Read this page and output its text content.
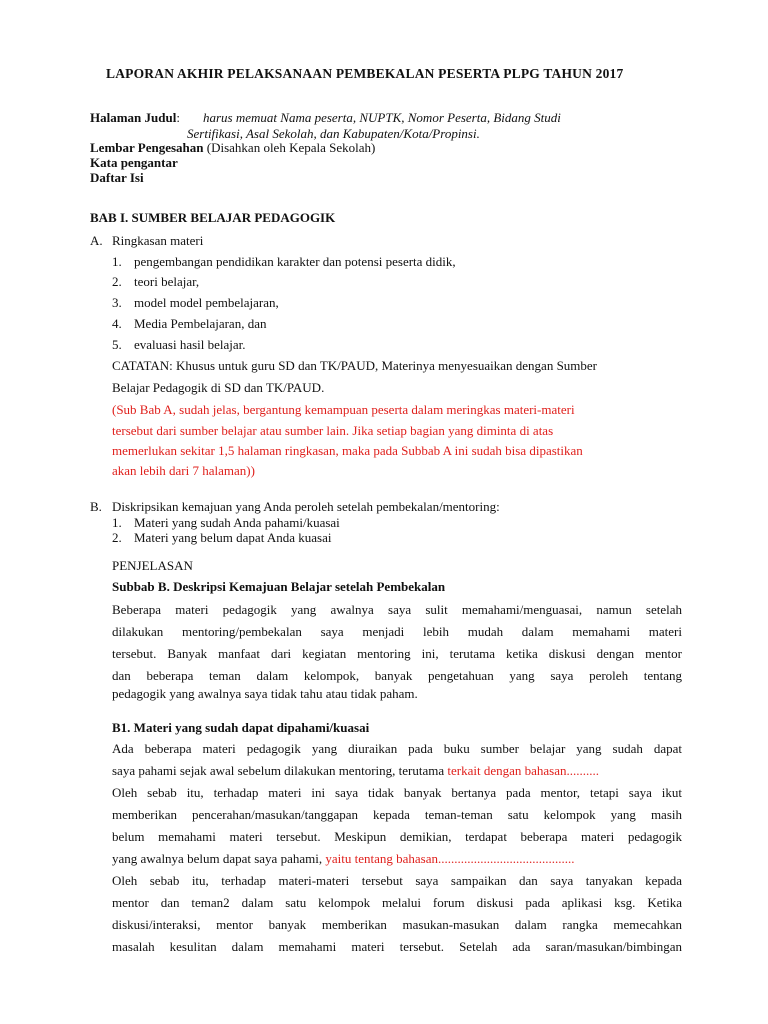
LAPORAN AKHIR PELAKSANAAN PEMBEKALAN PESERTA PLPG TAHUN 2017
Halaman Judul: harus memuat Nama peserta, NUPTK, Nomor Peserta, Bidang Studi
Sertifikasi, Asal Sekolah, dan Kabupaten/Kota/Propinsi.
Lembar Pengesahan (Disahkan oleh Kepala Sekolah)
Kata pengantar
Daftar Isi
BAB I. SUMBER BELAJAR PEDAGOGIK
A. Ringkasan materi
1. pengembangan pendidikan karakter dan potensi peserta didik,
2. teori belajar,
3. model model pembelajaran,
4. Media Pembelajaran, dan
5. evaluasi hasil belajar.
CATATAN: Khusus untuk guru SD dan TK/PAUD, Materinya menyesuaikan dengan Sumber
Belajar Pedagogik di SD dan TK/PAUD.
(Sub Bab A, sudah jelas, bergantung kemampuan peserta dalam meringkas materi-materi
tersebut dari sumber belajar atau sumber lain. Jika setiap bagian yang diminta di atas
memerlukan sekitar 1,5 halaman ringkasan, maka pada Subbab A ini sudah bisa dipastikan
akan lebih dari 7 halaman))
B. Diskripsikan kemajuan yang Anda peroleh setelah pembekalan/mentoring:
1. Materi yang sudah Anda pahami/kuasai
2. Materi yang belum dapat Anda kuasai
PENJELASAN
Subbab B. Deskripsi Kemajuan Belajar setelah Pembekalan
Beberapa materi pedagogik yang awalnya saya sulit memahami/menguasai, namun setelah
dilakukan mentoring/pembekalan saya menjadi lebih mudah dalam memahami materi
tersebut. Banyak manfaat dari kegiatan mentoring ini, terutama ketika diskusi dengan mentor
dan beberapa teman dalam kelompok, banyak pengetahuan yang saya peroleh tentang
pedagogik yang awalnya saya tidak tahu atau tidak paham.
B1. Materi yang sudah dapat dipahami/kuasai
Ada beberapa materi pedagogik yang diuraikan pada buku sumber belajar yang sudah dapat
saya pahami sejak awal sebelum dilakukan mentoring, terutama terkait dengan bahasan..........
Oleh sebab itu, terhadap materi ini saya tidak banyak bertanya pada mentor, tetapi saya ikut
memberikan pencerahan/masukan/tanggapan kepada teman-teman satu kelompok yang masih
belum memahami materi tersebut. Meskipun demikian, terdapat beberapa materi pedagogik
yang awalnya belum dapat saya pahami, yaitu tentang bahasan..........................................
Oleh sebab itu, terhadap materi-materi tersebut saya sampaikan dan saya tanyakan kepada
mentor dan teman2 dalam satu kelompok melalui forum diskusi pada aplikasi ksg. Ketika
diskusi/interaksi, mentor banyak memberikan masukan-masukan dalam rangka memecahkan
masalah kesulitan dalam memahami materi tersebut. Setelah ada saran/masukan/bimbingan
